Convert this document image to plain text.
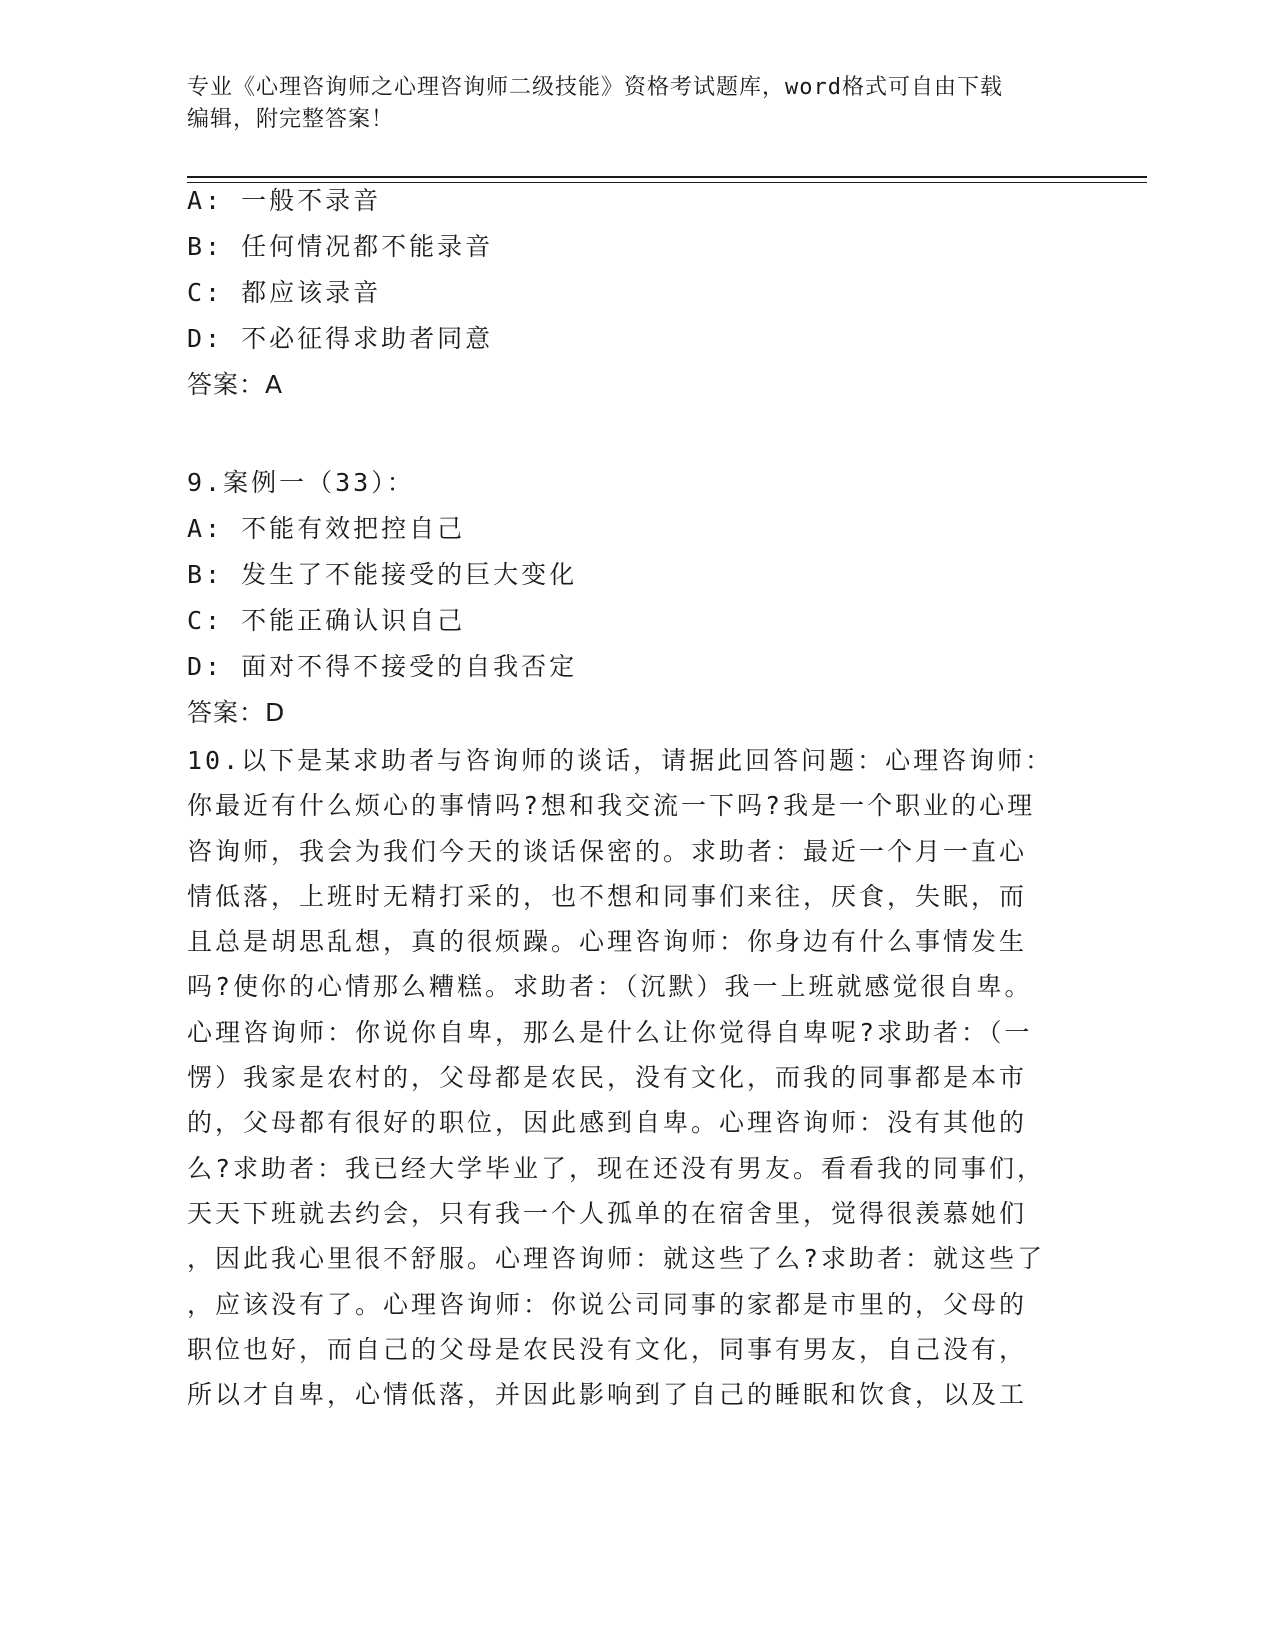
专业《心理咨询师之心理咨询师二级技能》资格考试题库，word格式可自由下载
编辑，附完整答案！
A: 一般不录音
B: 任何情况都不能录音
C: 都应该录音
D: 不必征得求助者同意
答案：A
9.案例一（33）：
A: 不能有效把控自己
B: 发生了不能接受的巨大变化
C: 不能正确认识自己
D: 面对不得不接受的自我否定
答案：D
10.以下是某求助者与咨询师的谈话，请据此回答问题：心理咨询师：
你最近有什么烦心的事情吗?想和我交流一下吗?我是一个职业的心理
咨询师，我会为我们今天的谈话保密的。求助者：最近一个月一直心
情低落，上班时无精打采的，也不想和同事们来往，厌食，失眠，而
且总是胡思乱想，真的很烦躁。心理咨询师：你身边有什么事情发生
吗?使你的心情那么糟糕。求助者：（沉默）我一上班就感觉很自卑。
心理咨询师：你说你自卑，那么是什么让你觉得自卑呢?求助者：（一
愣）我家是农村的，父母都是农民，没有文化，而我的同事都是本市
的，父母都有很好的职位，因此感到自卑。心理咨询师：没有其他的
么?求助者：我已经大学毕业了，现在还没有男友。看看我的同事们，
天天下班就去约会，只有我一个人孤单的在宿舍里，觉得很羡慕她们
，因此我心里很不舒服。心理咨询师：就这些了么?求助者：就这些了
，应该没有了。心理咨询师：你说公司同事的家都是市里的，父母的
职位也好，而自己的父母是农民没有文化，同事有男友，自己没有，
所以才自卑，心情低落，并因此影响到了自己的睡眠和饮食，以及工
